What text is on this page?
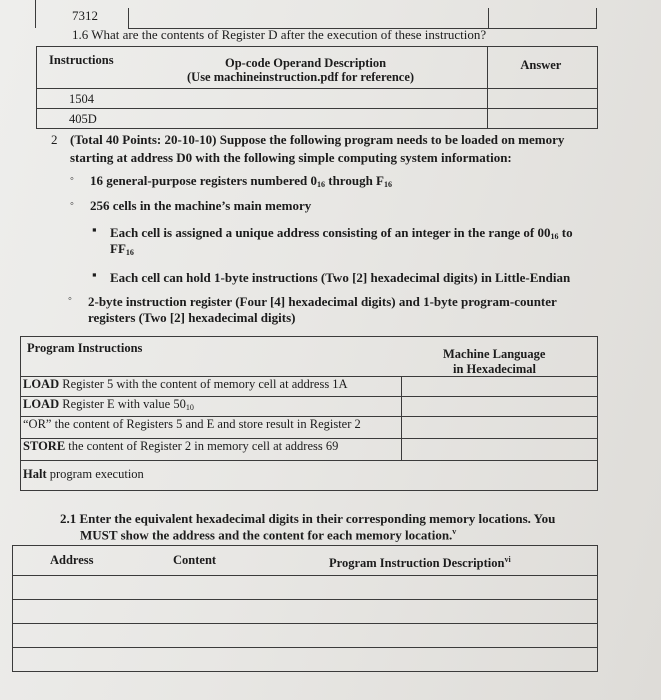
7312
1.6 What are the contents of Register D after the execution of these instruction?
Instructions Op-code Operand Description
(Use machineinstruction.pdf for reference)	Answer

1504	

405D	

2 (Total 40 Points: 20-10-10) Suppose the following program needs to be loaded on memory
starting at address D0 with the following simple computing system information:
◦ 16 general-purpose registers numbered $0_{16}$ through $F_{16}$
◦ 256 cells in the machine’s main memory
▪ Each cell is assigned a unique address consisting of an integer in the range of $00_{16}$ to
$FF_{16}$
▪ Each cell can hold 1-byte instructions (Two [2] hexadecimal digits) in Little-Endian
◦ 2-byte instruction register (Four [4] hexadecimal digits) and 1-byte program-counter
registers (Two [2] hexadecimal digits)
Program Instructions Machine Language
in Hexadecimal	

LOAD Register 5 with the content of memory cell at address 1A	
LOAD Register E with value $50_{10}$	
“OR” the content of Registers 5 and E and store result in Register 2	
STORE the content of Register 2 in memory cell at address 69	
Halt program execution	
2.1 Enter the equivalent hexadecimal digits in their corresponding memory locations. You
MUST show the address and the content for each memory location.$^v$
Address	Content	Program Instruction Description$^{vi}$
